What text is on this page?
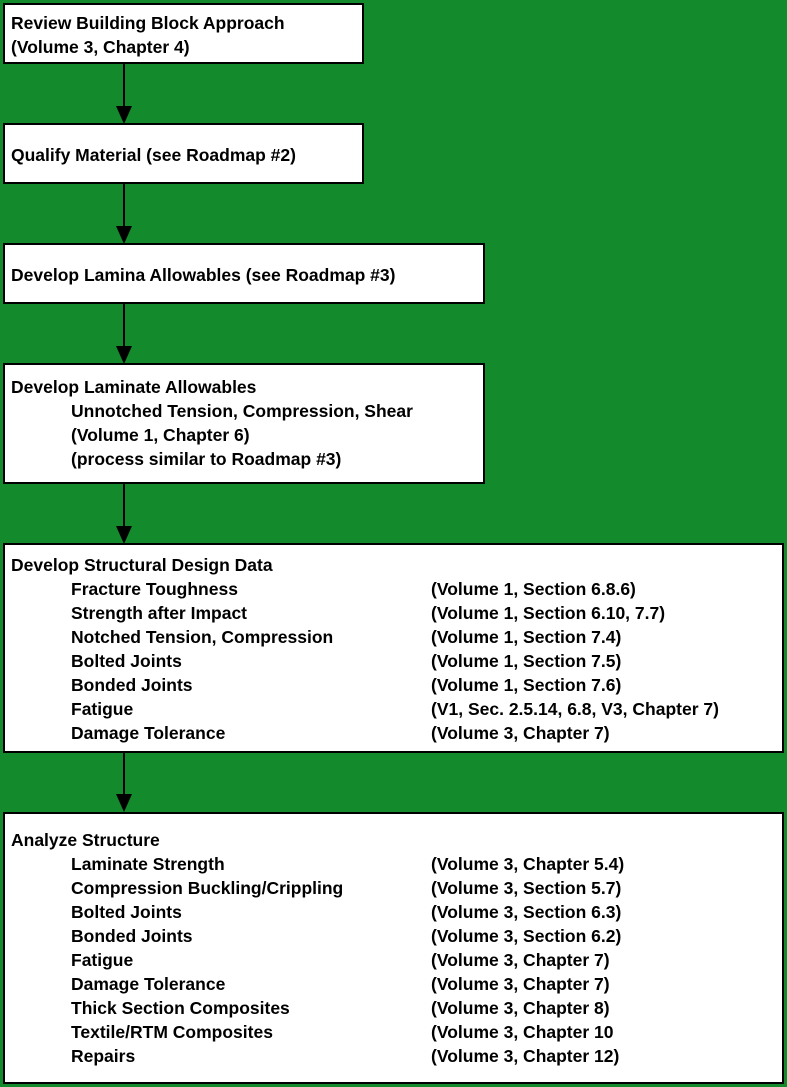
Review Building Block Approach
(Volume 3, Chapter 4)
Qualify Material (see Roadmap #2)
Develop Lamina Allowables (see Roadmap #3)
Develop Laminate Allowables
Unnotched Tension, Compression, Shear
(Volume 1, Chapter 6)
(process similar to Roadmap #3)
Develop Structural Design Data
Fracture Toughness	(Volume 1, Section 6.8.6)
Strength after Impact	(Volume 1, Section 6.10, 7.7)
Notched Tension, Compression	(Volume 1, Section 7.4)
Bolted Joints	(Volume 1, Section 7.5)
Bonded Joints	(Volume 1, Section 7.6)
Fatigue	(V1, Sec. 2.5.14, 6.8, V3, Chapter 7)
Damage Tolerance	(Volume 3, Chapter 7)
Analyze Structure
Laminate Strength	(Volume 3, Chapter 5.4)
Compression Buckling/Crippling	(Volume 3, Section 5.7)
Bolted Joints	(Volume 3, Section 6.3)
Bonded Joints	(Volume 3, Section 6.2)
Fatigue	(Volume 3, Chapter 7)
Damage Tolerance	(Volume 3, Chapter 7)
Thick Section Composites	(Volume 3, Chapter 8)
Textile/RTM Composites	(Volume 3, Chapter 10
Repairs	(Volume 3, Chapter 12)
